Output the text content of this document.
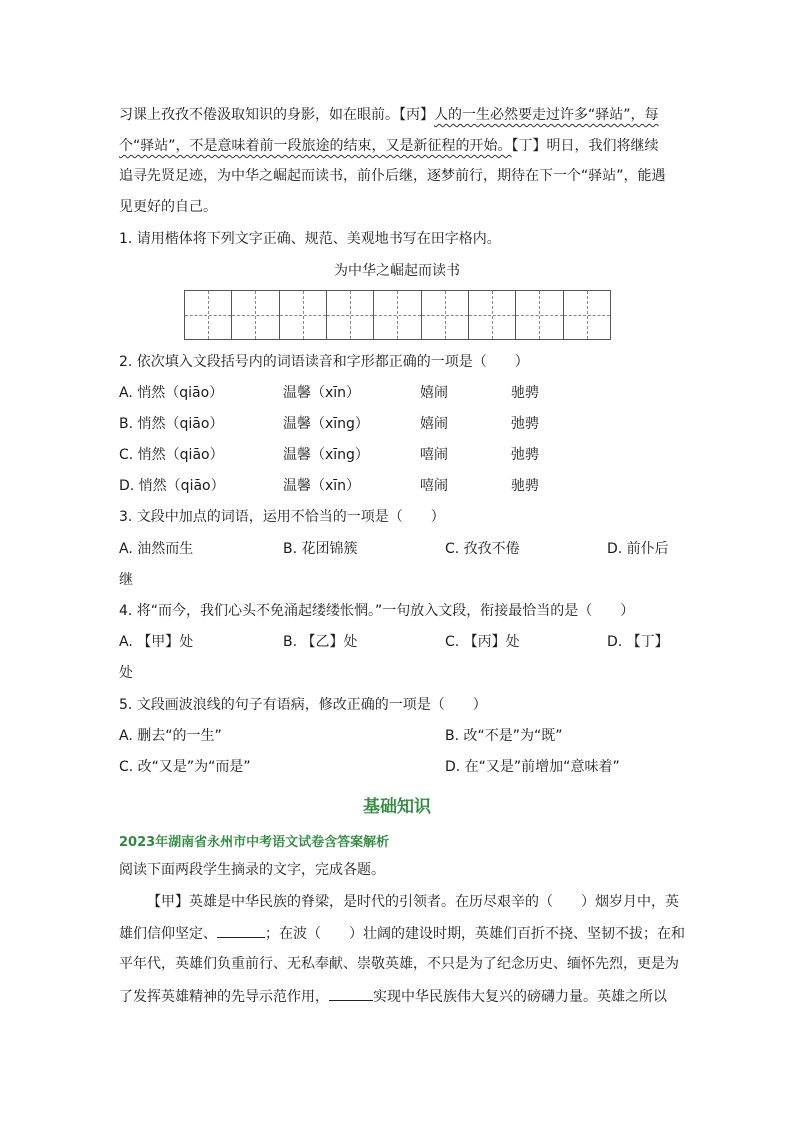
习课上孜孜不倦汲取知识的身影，如在眼前。【丙】人的一生必然要走过许多“驿站”，每
个“驿站”，不是意味着前一段旅途的结束，又是新征程的开始。【丁】明日，我们将继续
追寻先贤足迹，为中华之崛起而读书，前仆后继，逐梦前行，期待在下一个“驿站”，能遇
见更好的自己。
1. 请用楷体将下列文字正确、规范、美观地书写在田字格内。
为中华之崛起而读书
2. 依次填入文段括号内的词语读音和字形都正确的一项是（　　）
A. 悄然（qiāo）	温馨（xīn）	嬉闹	驰骋
B. 悄然（qiāo）	温馨（xīng）	嬉闹	弛骋
C. 悄然（qiāo）	温馨（xīng）	嘻闹	弛骋
D. 悄然（qiāo）	温馨（xīn）	嘻闹	驰骋
3. 文段中加点的词语，运用不恰当的一项是（　　）
A. 油然而生	B. 花团锦簇	C. 孜孜不倦	D. 前仆后
继
4. 将“而今，我们心头不免涌起缕缕怅惘。”一句放入文段，衔接最恰当的是（　　）
A. 【甲】处	B. 【乙】处	C. 【丙】处	D. 【丁】
处
5. 文段画波浪线的句子有语病，修改正确的一项是（　　）
A. 删去“的一生”	B. 改“不是”为“既”
C. 改“又是”为“而是”	D. 在“又是”前增加“意味着”
基础知识
2023年湖南省永州市中考语文试卷含答案解析
阅读下面两段学生摘录的文字，完成各题。
【甲】英雄是中华民族的脊梁，是时代的引领者。在历尽艰辛的（　　）烟岁月中，英
雄们信仰坚定、	；在波（　　）壮阔的建设时期，英雄们百折不挠、坚韧不拔；在和
平年代，英雄们负重前行、无私奉献、崇敬英雄，不只是为了纪念历史、缅怀先烈，更是为
了发挥英雄精神的先导示范作用，	实现中华民族伟大复兴的磅礴力量。英雄之所以
